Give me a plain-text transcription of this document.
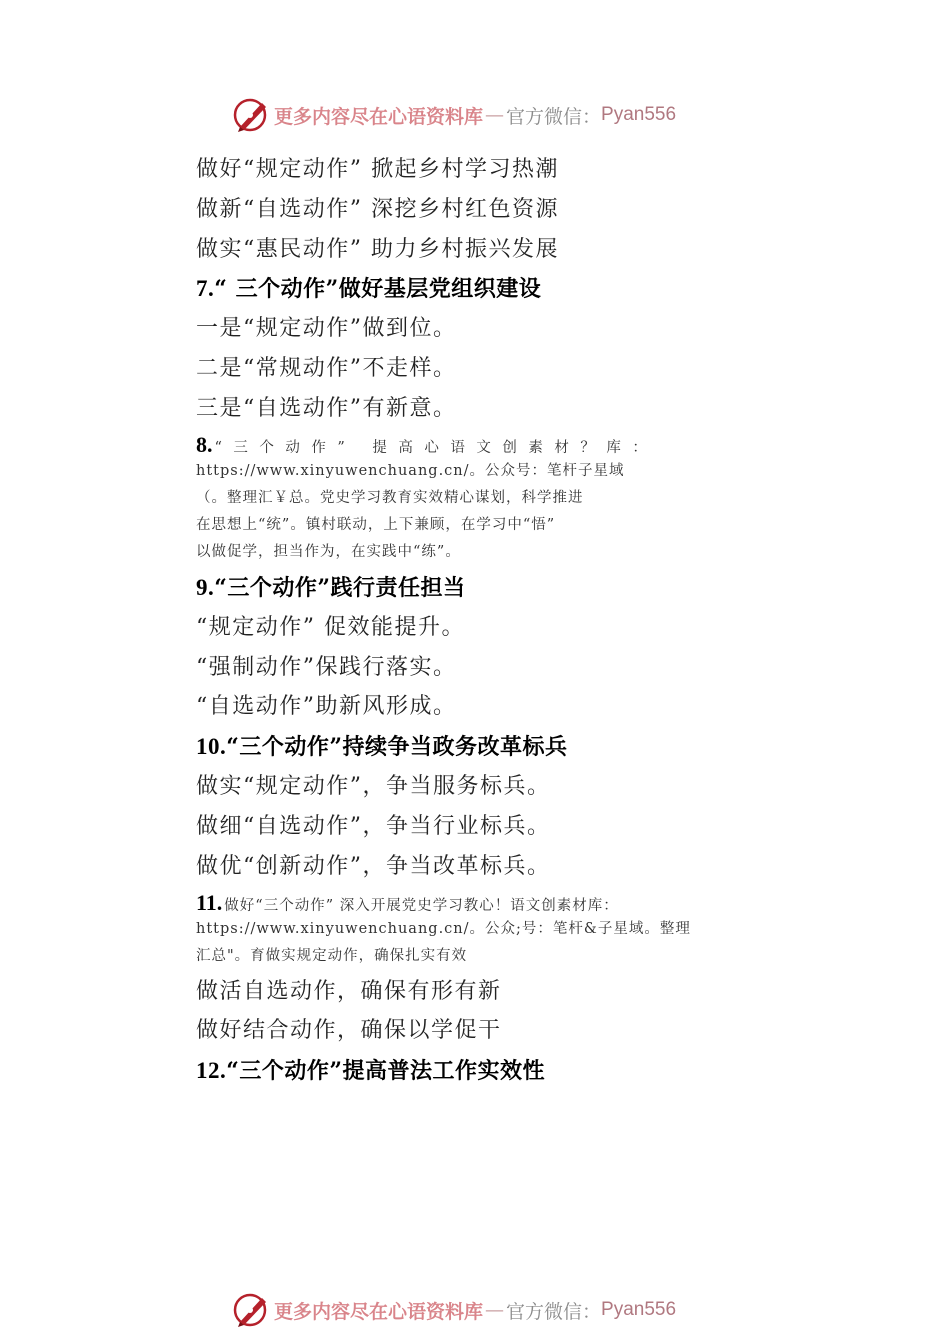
更多内容尽在心语资料库 — 官方微信： Pyan556
做好“规定动作” 掀起乡村学习热潮
做新“自选动作” 深挖乡村红色资源
做实“惠民动作” 助力乡村振兴发展
7.“ 三个动作”做好基层党组织建设
一是“规定动作”做到位。
二是“常规动作”不走样。
三是“自选动作”有新意。
8. “三个动作” 提高心语文创素材？库：
https://www.xinyuwenchuang.cn/。公众号：笔杆子星域
（。整理汇￥总。党史学习教育实效精心谋划，科学推进
在思想上“统”。镇村联动，上下兼顾，在学习中“悟”
以做促学，担当作为，在实践中“练”。
9.“三个动作”践行责任担当
“规定动作” 促效能提升。
“强制动作”保践行落实。
“自选动作”助新风形成。
10.“三个动作”持续争当政务改革标兵
做实“规定动作”，争当服务标兵。
做细“自选动作”，争当行业标兵。
做优“创新动作”，争当改革标兵。
11. 做好“三个动作” 深入开展党史学习教心！语文创素材库：
https://www.xinyuwenchuang.cn/。公众;号：笔杆&子星域。整理
汇总"。育做实规定动作，确保扎实有效
做活自选动作，确保有形有新
做好结合动作，确保以学促干
12.“三个动作”提高普法工作实效性
更多内容尽在心语资料库 — 官方微信： Pyan556
